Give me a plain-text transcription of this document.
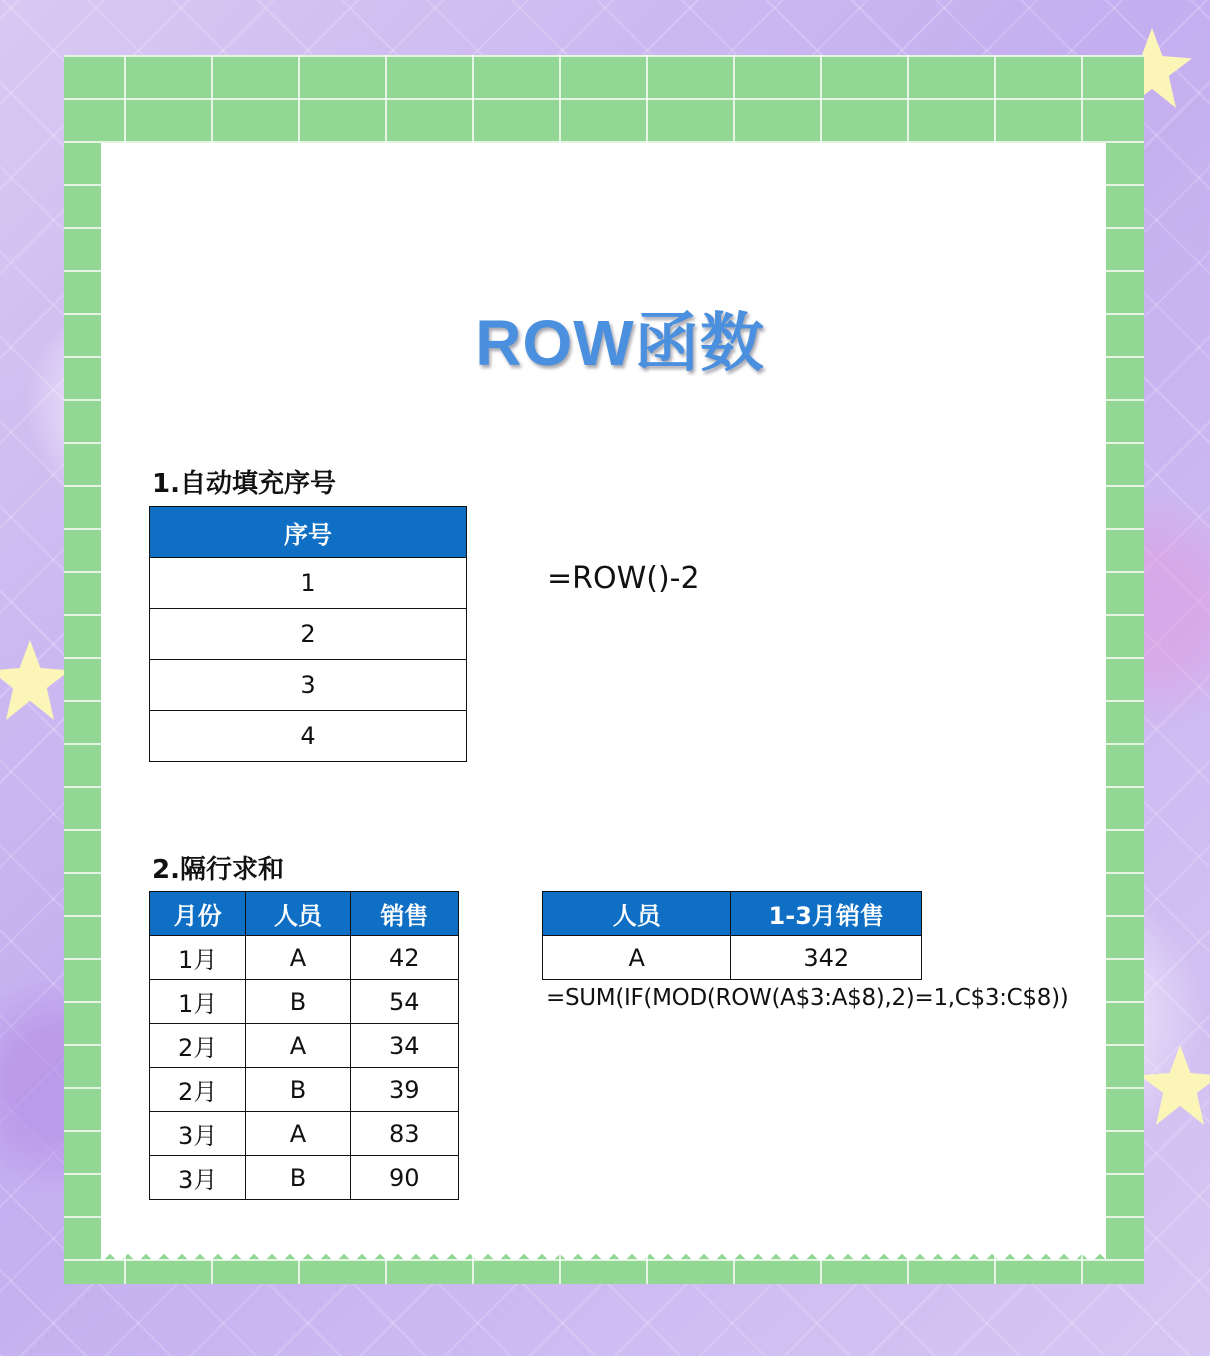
ROW函数
1.自动填充序号
序号
1
2
3
4
=ROW()-2
2.隔行求和
月份	人员	销售
1月	A	42
1月	B	54
2月	A	34
2月	B	39
3月	A	83
3月	B	90
人员	1-3月销售
A	342
=SUM(IF(MOD(ROW(A$3:A$8),2)=1,C$3:C$8))
